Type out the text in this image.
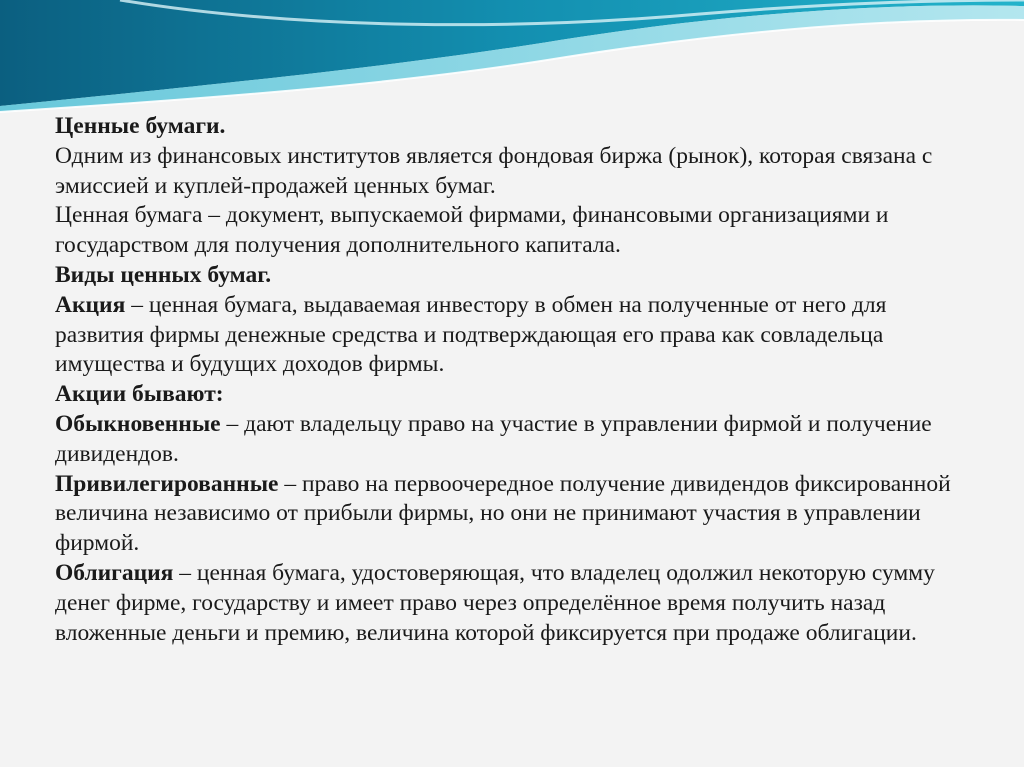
Ценные бумаги.

Одним из финансовых институтов является фондовая биржа (рынок), которая связана с эмиссией и куплей-продажей ценных бумаг.

Ценная бумага – документ, выпускаемой фирмами, финансовыми организациями и государством для получения дополнительного капитала.

Виды ценных бумаг.

Акция – ценная бумага, выдаваемая инвестору в обмен на полученные от него для развития фирмы денежные средства и подтверждающая его права как совладельца имущества и будущих доходов фирмы.

Акции бывают:

Обыкновенные – дают владельцу право на участие в управлении фирмой и получение дивидендов.

Привилегированные – право на первоочередное получение дивидендов фиксированной величина независимо от прибыли фирмы, но они не принимают участия в управлении фирмой.

Облигация – ценная бумага, удостоверяющая, что владелец одолжил некоторую сумму денег фирме, государству и имеет право через определённое время получить назад вложенные деньги и премию, величина которой фиксируется при продаже облигации.
